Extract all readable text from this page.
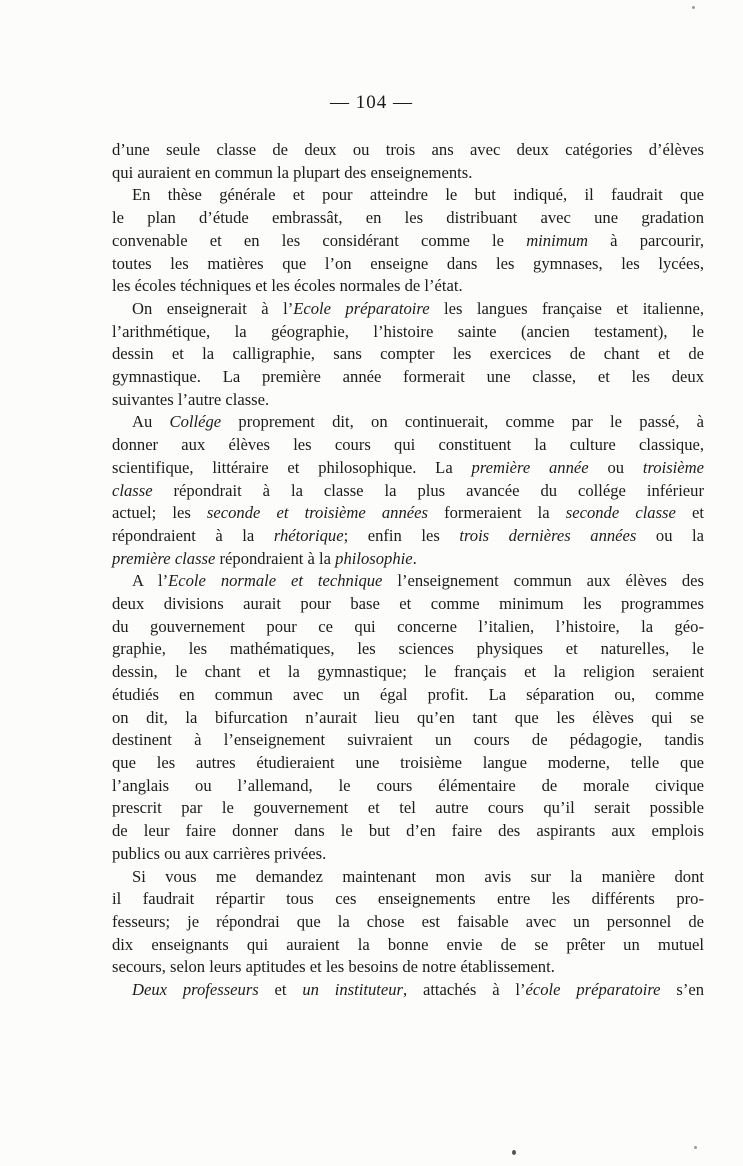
— 104 —

d’une seule classe de deux ou trois ans avec deux catégories d’élèves
qui auraient en commun la plupart des enseignements.

En thèse générale et pour atteindre le but indiqué, il faudrait que
le plan d’étude embrassât, en les distribuant avec une gradation
convenable et en les considérant comme le minimum à parcourir,
toutes les matières que l’on enseigne dans les gymnases, les lycées,
les écoles téchniques et les écoles normales de l’état.

On enseignerait à l’Ecole préparatoire les langues française et italienne,
l’arithmétique, la géographie, l’histoire sainte (ancien testament), le
dessin et la calligraphie, sans compter les exercices de chant et de
gymnastique. La première année formerait une classe, et les deux
suivantes l’autre classe.

Au Collége proprement dit, on continuerait, comme par le passé, à
donner aux élèves les cours qui constituent la culture classique,
scientifique, littéraire et philosophique. La première année ou troisième
classe répondrait à la classe la plus avancée du collége inférieur
actuel; les seconde et troisième années formeraient la seconde classe et
répondraient à la rhétorique; enfin les trois dernières années ou la
première classe répondraient à la philosophie.

A l’Ecole normale et technique l’enseignement commun aux élèves des
deux divisions aurait pour base et comme minimum les programmes
du gouvernement pour ce qui concerne l’italien, l’histoire, la géo-
graphie, les mathématiques, les sciences physiques et naturelles, le
dessin, le chant et la gymnastique; le français et la religion seraient
étudiés en commun avec un égal profit. La séparation ou, comme
on dit, la bifurcation n’aurait lieu qu’en tant que les élèves qui se
destinent à l’enseignement suivraient un cours de pédagogie, tandis
que les autres étudieraient une troisième langue moderne, telle que
l’anglais ou l’allemand, le cours élémentaire de morale civique
prescrit par le gouvernement et tel autre cours qu’il serait possible
de leur faire donner dans le but d’en faire des aspirants aux emplois
publics ou aux carrières privées.

Si vous me demandez maintenant mon avis sur la manière dont
il faudrait répartir tous ces enseignements entre les différents pro-
fesseurs; je répondrai que la chose est faisable avec un personnel de
dix enseignants qui auraient la bonne envie de se prêter un mutuel
secours, selon leurs aptitudes et les besoins de notre établissement.

Deux professeurs et un instituteur, attachés à l’école préparatoire s’en
